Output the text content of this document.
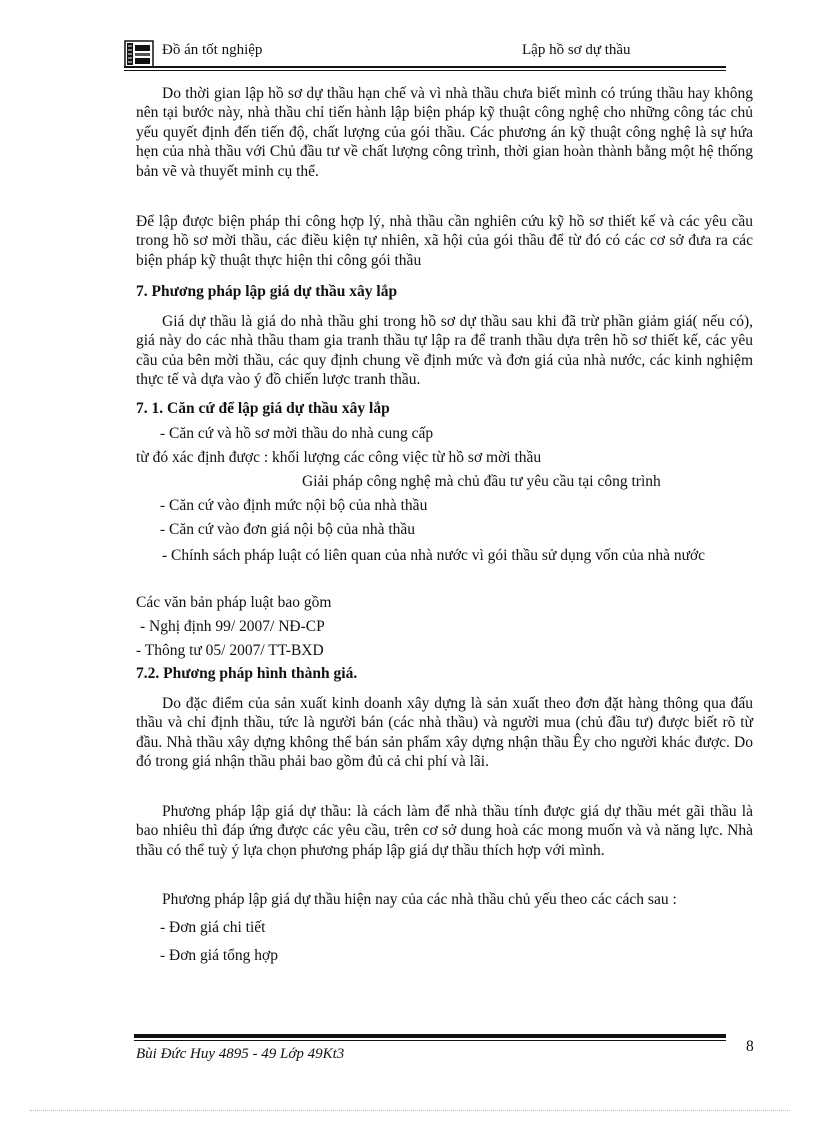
Đồ án tốt nghiệp	Lập hồ sơ dự thầu

Do thời gian lập hồ sơ dự thầu hạn chế và vì nhà thầu chưa biết mình có trúng thầu hay không nên tại bước này, nhà thầu chỉ tiến hành lập biện pháp kỹ thuật công nghệ cho những công tác chủ yếu quyết định đến tiến độ, chất lượng của gói thầu. Các phương án kỹ thuật công nghệ là sự hứa hẹn của nhà thầu với Chủ đầu tư về chất lượng công trình, thời gian hoàn thành bằng một hệ thống bản vẽ và thuyết minh cụ thể.

Để lập được biện pháp thi công hợp lý, nhà thầu cần nghiên cứu kỹ hồ sơ thiết kế và các yêu cầu trong hồ sơ mời thầu, các điều kiện tự nhiên, xã hội của gói thầu để từ đó có các cơ sở đưa ra các biện pháp kỹ thuật thực hiện thi công gói thầu

7. Phương pháp lập giá dự thầu xây lắp

Giá dự thầu là giá do nhà thầu ghi trong hồ sơ dự thầu sau khi đã trừ phần giảm giá( nếu có), giá này do các nhà thầu tham gia tranh thầu tự lập ra để tranh thầu dựa trên hồ sơ thiết kế, các yêu cầu của bên mời thầu, các quy định chung về định mức và đơn giá của nhà nước, các kinh nghiệm thực tế và dựa vào ý đồ chiến lược tranh thầu.

7. 1. Căn cứ để lập giá dự thầu xây lắp

- Căn cứ và hồ sơ mời thầu do nhà cung cấp

từ đó xác định được : khối lượng các công việc từ hồ sơ mời thầu

Giải pháp công nghệ mà chủ đầu tư yêu cầu tại công trình

- Căn cứ vào định mức nội bộ của nhà thầu

- Căn cứ vào đơn giá nội bộ của nhà thầu

- Chính sách pháp luật có liên quan của nhà nước vì gói thầu sử dụng vốn của nhà nước

Các văn bản pháp luật bao gồm

- Nghị định 99/ 2007/ NĐ-CP

- Thông tư 05/ 2007/ TT-BXD

7.2. Phương pháp hình thành giá.

Do đặc điểm của sản xuất kinh doanh xây dựng là sản xuất theo đơn đặt hàng thông qua đấu thầu và chỉ định thầu, tức là người bán (các nhà thầu) và người mua (chủ đầu tư) được biết rõ từ đầu. Nhà thầu xây dựng không thể bán sản phẩm xây dựng nhận thầu Êy cho người khác được. Do đó trong giá nhận thầu phải bao gồm đủ cả chi phí và lãi.

Phương pháp lập giá dự thầu: là cách làm để nhà thầu tính được giá dự thầu mét gãi thầu là bao nhiêu thì đáp ứng được các yêu cầu, trên cơ sở dung hoà các mong muốn và và năng lực. Nhà thầu có thể tuỳ ý lựa chọn phương pháp lập giá dự thầu thích hợp với mình.

Phương pháp lập giá dự thầu hiện nay của các nhà thầu chủ yếu theo các cách sau :

- Đơn giá chi tiết

- Đơn giá tổng hợp

Bùi Đức Huy 4895 - 49 Lớp 49Kt3	8
